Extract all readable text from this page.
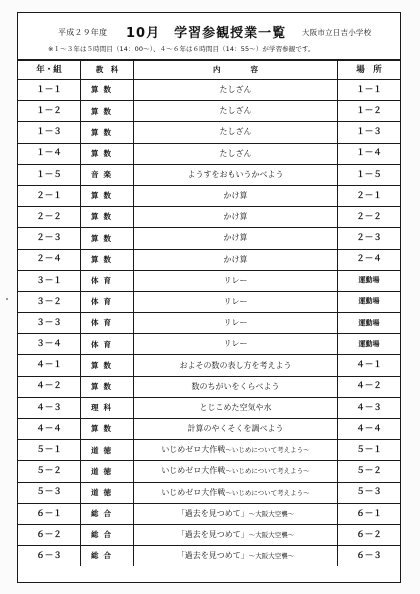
平成２９年度 10月　学習参観授業一覧 大阪市立日吉小学校
※１～３年は５時間目（14：00～）、４～６年は６時間目（14：55～）が学習参観です。
年・組	教　科	内　　　　容	場　所
１－１	算数	たしざん	１－１
１－２	算数	たしざん	１－２
１－３	算数	たしざん	１－３
１－４	算数	たしざん	１－４
１－５	音楽	ようすをおもいうかべよう	１－５
２－１	算数	かけ算	２－１
２－２	算数	かけ算	２－２
２－３	算数	かけ算	２－３
２－４	算数	かけ算	２－４
３－１	体育	リレー	運動場
３－２	体育	リレー	運動場
３－３	体育	リレー	運動場
３－４	体育	リレー	運動場
４－１	算数	およその数の表し方を考えよう	４－１
４－２	算数	数のちがいをくらべよう	４－２
４－３	理科	とじこめた空気や水	４－３
４－４	算数	計算のやくそくを調べよう	４－４
５－１	道徳	いじめゼロ大作戦～いじめについて考えよう～	５－１
５－２	道徳	いじめゼロ大作戦～いじめについて考えよう～	５－２
５－３	道徳	いじめゼロ大作戦～いじめについて考えよう～	５－３
６－１	総合	「過去を見つめて」～大阪大空襲～	６－１
６－２	総合	「過去を見つめて」～大阪大空襲～	６－２
６－３	総合	「過去を見つめて」～大阪大空襲～	６－３
